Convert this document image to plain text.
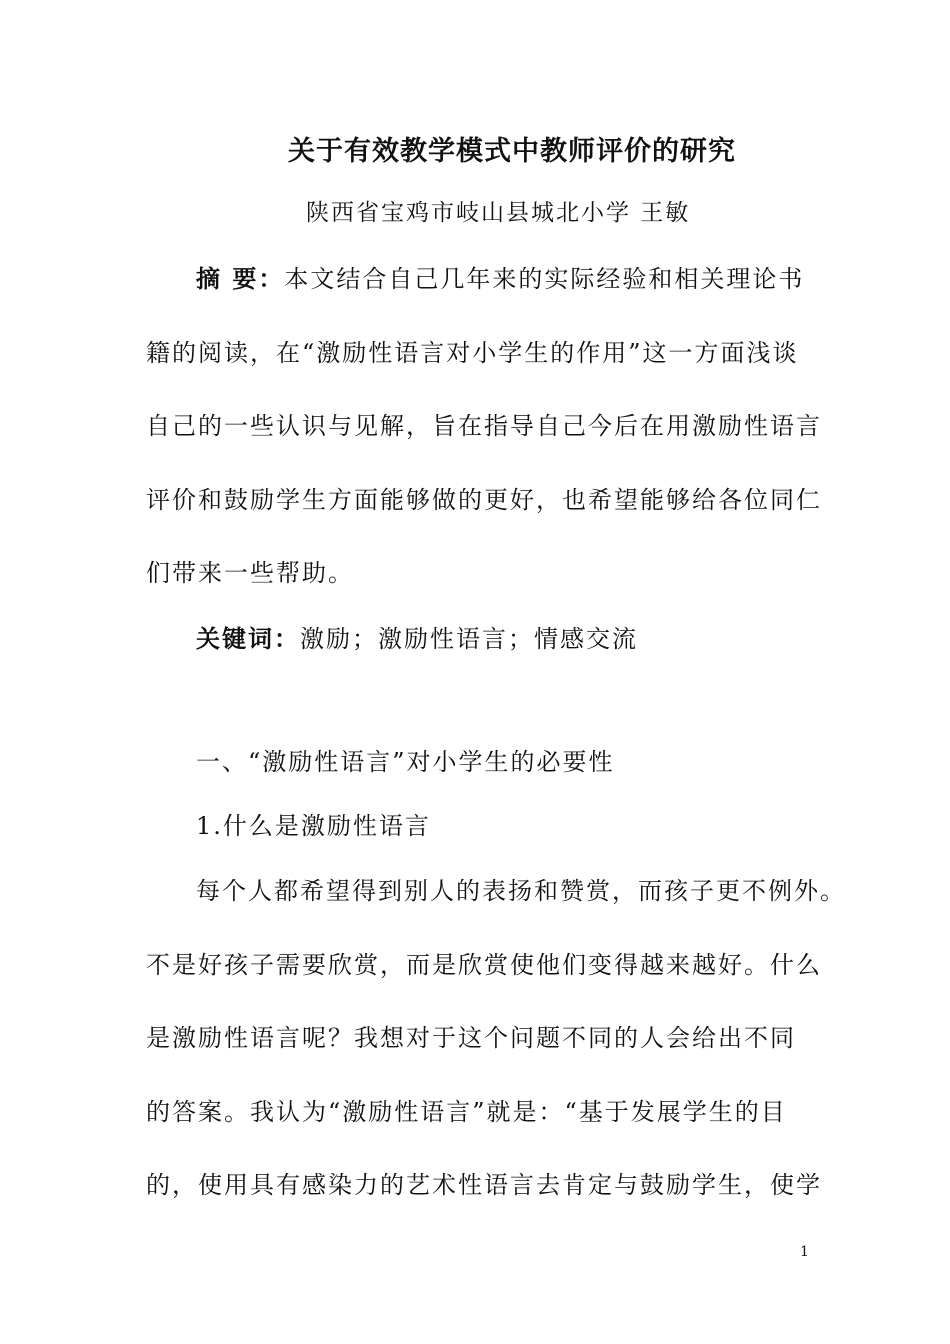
关于有效教学模式中教师评价的研究
陕西省宝鸡市岐山县城北小学 王敏
摘 要：本文结合自己几年来的实际经验和相关理论书
籍的阅读，在“激励性语言对小学生的作用”这一方面浅谈
自己的一些认识与见解，旨在指导自己今后在用激励性语言
评价和鼓励学生方面能够做的更好，也希望能够给各位同仁
们带来一些帮助。
关键词：激励；激励性语言；情感交流
一、“激励性语言”对小学生的必要性
1.什么是激励性语言
每个人都希望得到别人的表扬和赞赏，而孩子更不例外。
不是好孩子需要欣赏，而是欣赏使他们变得越来越好。什么
是激励性语言呢？我想对于这个问题不同的人会给出不同
的答案。我认为“激励性语言”就是：“基于发展学生的目
的，使用具有感染力的艺术性语言去肯定与鼓励学生，使学
1
